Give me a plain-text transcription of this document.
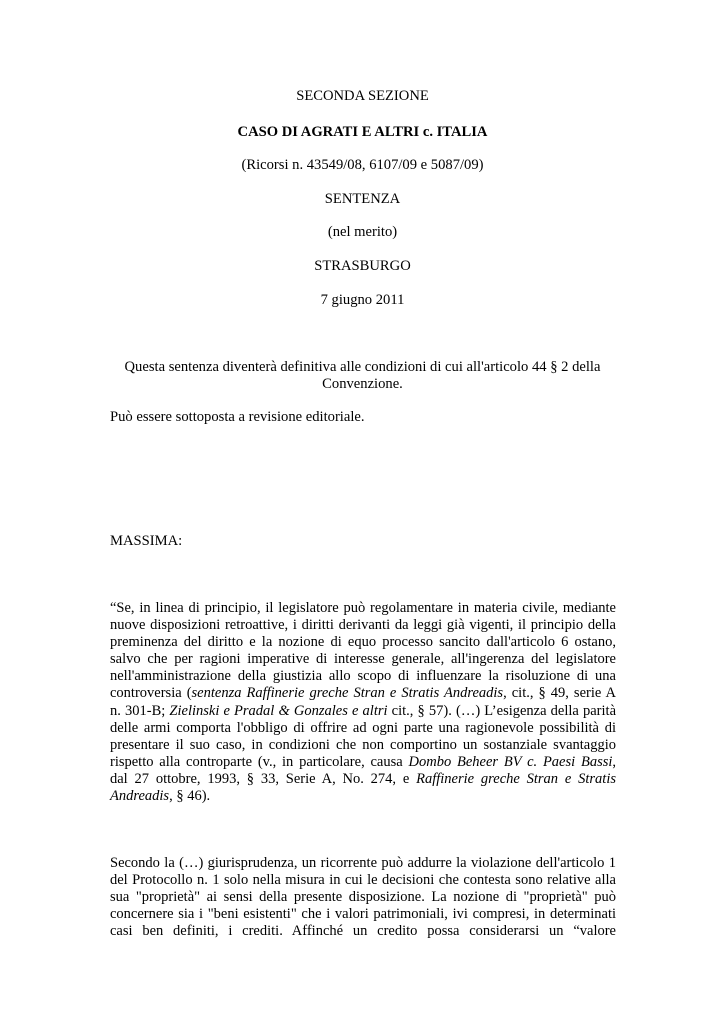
SECONDA SEZIONE
CASO DI AGRATI E ALTRI c. ITALIA
(Ricorsi n. 43549/08, 6107/09 e 5087/09)
SENTENZA
(nel merito)
STRASBURGO
7 giugno 2011
Questa sentenza diventerà definitiva alle condizioni di cui all'articolo 44 § 2 della Convenzione.
Può essere sottoposta a revisione editoriale.
MASSIMA:
“Se, in linea di principio, il legislatore può regolamentare in materia civile, mediante
nuove disposizioni retroattive, i diritti derivanti da leggi già vigenti, il principio della
preminenza del diritto e la nozione di equo processo sancito dall'articolo 6 ostano,
salvo che per ragioni imperative di interesse generale, all'ingerenza del legislatore
nell'amministrazione della giustizia allo scopo di influenzare la risoluzione di una
controversia (sentenza Raffinerie greche Stran e Stratis Andreadis, cit., § 49, serie A
n. 301-B; Zielinski e Pradal & Gonzales e altri cit., § 57). (…) L’esigenza della parità
delle armi comporta l'obbligo di offrire ad ogni parte una ragionevole possibilità di
presentare il suo caso, in condizioni che non comportino un sostanziale svantaggio
rispetto alla controparte (v., in particolare, causa Dombo Beheer BV c. Paesi Bassi,
dal 27 ottobre, 1993, § 33, Serie A, No. 274, e Raffinerie greche Stran e Stratis
Andreadis, § 46).
Secondo la (…) giurisprudenza, un ricorrente può addurre la violazione dell'articolo 1
del Protocollo n. 1 solo nella misura in cui le decisioni che contesta sono relative alla
sua "proprietà" ai sensi della presente disposizione. La nozione di "proprietà" può
concernere sia i "beni esistenti" che i valori patrimoniali, ivi compresi, in determinati
casi ben definiti, i crediti. Affinché un credito possa considerarsi un “valore
